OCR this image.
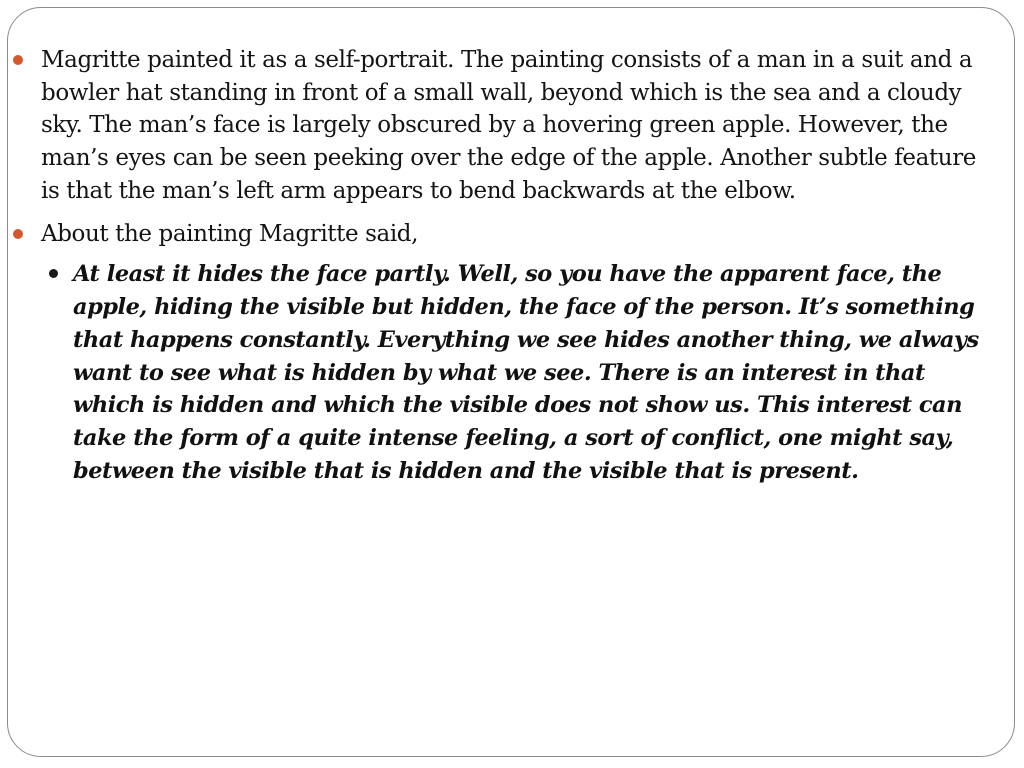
Magritte painted it as a self-portrait. The painting consists of a man in a suit and a bowler hat standing in front of a small wall, beyond which is the sea and a cloudy sky. The man’s face is largely obscured by a hovering green apple. However, the man’s eyes can be seen peeking over the edge of the apple. Another subtle feature is that the man’s left arm appears to bend backwards at the elbow.
About the painting Magritte said,
At least it hides the face partly. Well, so you have the apparent face, the apple, hiding the visible but hidden, the face of the person. It’s something that happens constantly. Everything we see hides another thing, we always want to see what is hidden by what we see. There is an interest in that which is hidden and which the visible does not show us. This interest can take the form of a quite intense feeling, a sort of conflict, one might say, between the visible that is hidden and the visible that is present.
